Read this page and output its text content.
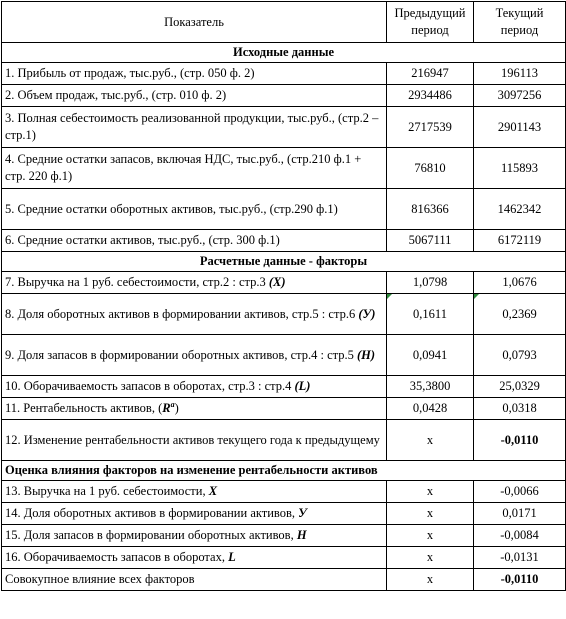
Показатель	Предыдущий период	Текущий период
Исходные данные		
1. Прибыль от продаж, тыс.руб., (стр. 050 ф. 2)	216947	196113
2. Объем продаж, тыс.руб., (стр. 010 ф. 2)	2934486	3097256
3. Полная себестоимость реализованной продукции, тыс.руб., (стр.2 – стр.1)	2717539	2901143
4. Средние остатки запасов, включая НДС, тыс.руб., (стр.210 ф.1 + стр. 220 ф.1)	76810	115893
5. Средние остатки оборотных активов, тыс.руб., (стр.290 ф.1)	816366	1462342
6. Средние остатки активов, тыс.руб., (стр. 300 ф.1)	5067111	6172119
Расчетные данные - факторы		
7. Выручка на 1 руб. себестоимости, стр.2 : стр.3 (Х)	1,0798	1,0676
8. Доля оборотных активов в формировании активов, стр.5 : стр.6 (У)	0,1611	0,2369
9. Доля запасов в формировании оборотных активов, стр.4 : стр.5 (Н)	0,0941	0,0793
10. Оборачиваемость запасов в оборотах, стр.3 : стр.4 (L)	35,3800	25,0329
11. Рентабельность активов, $(R^a)$	0,0428	0,0318
12. Изменение рентабельности активов текущего года к предыдущему	х	-0,0110
Оценка влияния факторов на изменение рентабельности активов		
13. Выручка на 1 руб. себестоимости, X	х	-0,0066
14. Доля оборотных активов в формировании активов, У	х	0,0171
15. Доля запасов в формировании оборотных активов, Н	х	-0,0084
16. Оборачиваемость запасов в оборотах, L	х	-0,0131
Совокупное влияние всех факторов	х	-0,0110
